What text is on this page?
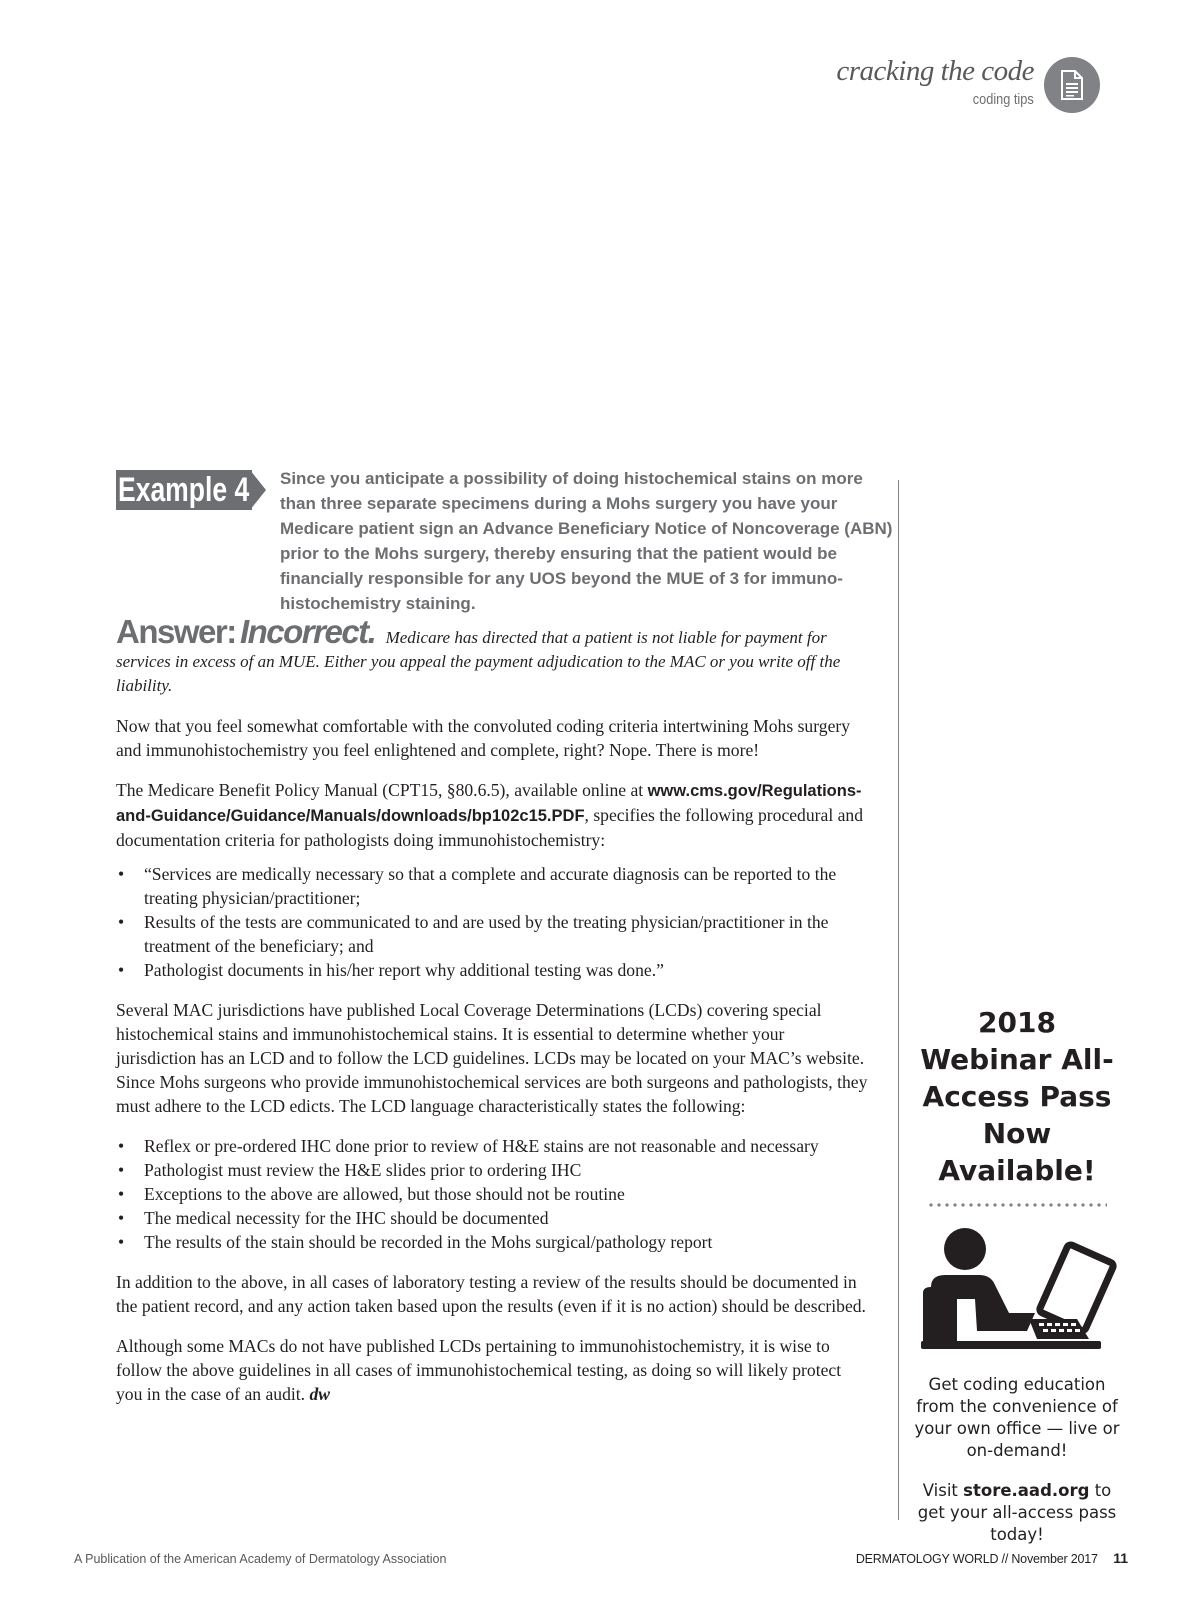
cracking the code
coding tips
Example 4 Since you anticipate a possibility of doing histochemical stains on more than three separate specimens during a Mohs surgery you have your Medicare patient sign an Advance Beneficiary Notice of Noncoverage (ABN) prior to the Mohs surgery, thereby ensuring that the patient would be financially responsible for any UOS beyond the MUE of 3 for immuno-histochemistry staining.
Answer: Incorrect. Medicare has directed that a patient is not liable for payment for services in excess of an MUE. Either you appeal the payment adjudication to the MAC or you write off the liability.

Now that you feel somewhat comfortable with the convoluted coding criteria intertwining Mohs surgery and immunohistochemistry you feel enlightened and complete, right? Nope. There is more!

The Medicare Benefit Policy Manual (CPT15, §80.6.5), available online at www.cms.gov/Regulations-and-Guidance/Guidance/Manuals/downloads/bp102c15.PDF, specifies the following procedural and documentation criteria for pathologists doing immunohistochemistry:

• “Services are medically necessary so that a complete and accurate diagnosis can be reported to the treating physician/practitioner;
• Results of the tests are communicated to and are used by the treating physician/practitioner in the treatment of the beneficiary; and
• Pathologist documents in his/her report why additional testing was done.”

Several MAC jurisdictions have published Local Coverage Determinations (LCDs) covering special histochemical stains and immunohistochemical stains. It is essential to determine whether your jurisdiction has an LCD and to follow the LCD guidelines. LCDs may be located on your MAC’s website. Since Mohs surgeons who provide immunohistochemical services are both surgeons and pathologists, they must adhere to the LCD edicts. The LCD language characteristically states the following:

• Reflex or pre-ordered IHC done prior to review of H&E stains are not reasonable and necessary
• Pathologist must review the H&E slides prior to ordering IHC
• Exceptions to the above are allowed, but those should not be routine
• The medical necessity for the IHC should be documented
• The results of the stain should be recorded in the Mohs surgical/pathology report

In addition to the above, in all cases of laboratory testing a review of the results should be documented in the patient record, and any action taken based upon the results (even if it is no action) should be described.

Although some MACs do not have published LCDs pertaining to immunohistochemistry, it is wise to follow the above guidelines in all cases of immunohistochemical testing, as doing so will likely protect you in the case of an audit. dw

2018 Webinar All-Access Pass Now Available!
Get coding education from the convenience of your own office — live or on-demand!
Visit store.aad.org to get your all-access pass today!
A Publication of the American Academy of Dermatology Association	DERMATOLOGY WORLD // November 2017 11
